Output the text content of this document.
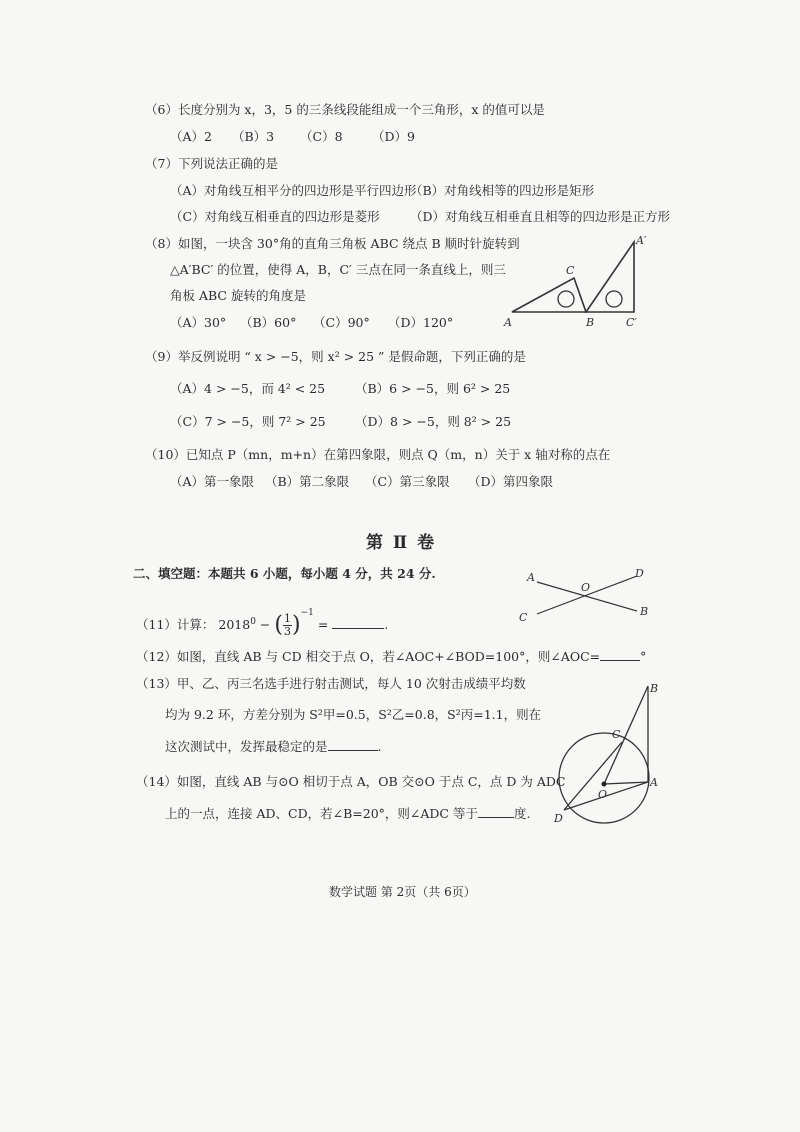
（6）长度分别为 x，3，5 的三条线段能组成一个三角形，x 的值可以是
（A）2 （B）3 （C）8 （D）9
（7）下列说法正确的是
（A）对角线互相平分的四边形是平行四边形
（B）对角线相等的四边形是矩形
（C）对角线互相垂直的四边形是菱形 （D）对角线互相垂直且相等的四边形是正方形
（8）如图，一块含 30°角的直角三角板 ABC 绕点 B 顺时针旋转到
△A′BC′ 的位置，使得 A，B，C′ 三点在同一条直线上，则三
角板 ABC 旋转的角度是
（A）30° （B）60° （C）90° （D）120°	A
C
B
A′
C′
（9）举反例说明 “ x > −5，则 x² > 25 ” 是假命题，下列正确的是
（A）4 > −5，而 4² < 25 （B）6 > −5，则 6² > 25
（C）7 > −5，则 7² > 25 （D）8 > −5，则 8² > 25
（10）已知点 P（mn，m+n）在第四象限，则点 Q（m，n）关于 x 轴对称的点在
（A）第一象限 （B）第二象限 （C）第三象限 （D）第四象限
第 Ⅱ 卷
二、填空题：本题共 6 小题，每小题 4 分，共 24 分.	A
B
C
D
O
（11）计算： $2018^0$ − ( $\frac{1}{3} )^{-1}$ =	.
（12）如图，直线 AB 与 CD 相交于点 O，若∠AOC+∠BOD=100°，则∠AOC=	°
（13）甲、乙、丙三名选手进行射击测试，每人 10 次射击成绩平均数
均为 9.2 环，方差分别为 S²甲=0.5，S²乙=0.8，S²丙=1.1，则在
这次测试中，发挥最稳定的是	.
（14）如图，直线 AB 与⊙O 相切于点 A，OB 交⊙O 于点 C，点 D 为 ADC
上的一点，连接 AD、CD，若∠B=20°，则∠ADC 等于	度.
B
C
A
O
D
数学试题 第 2页（共 6页）
